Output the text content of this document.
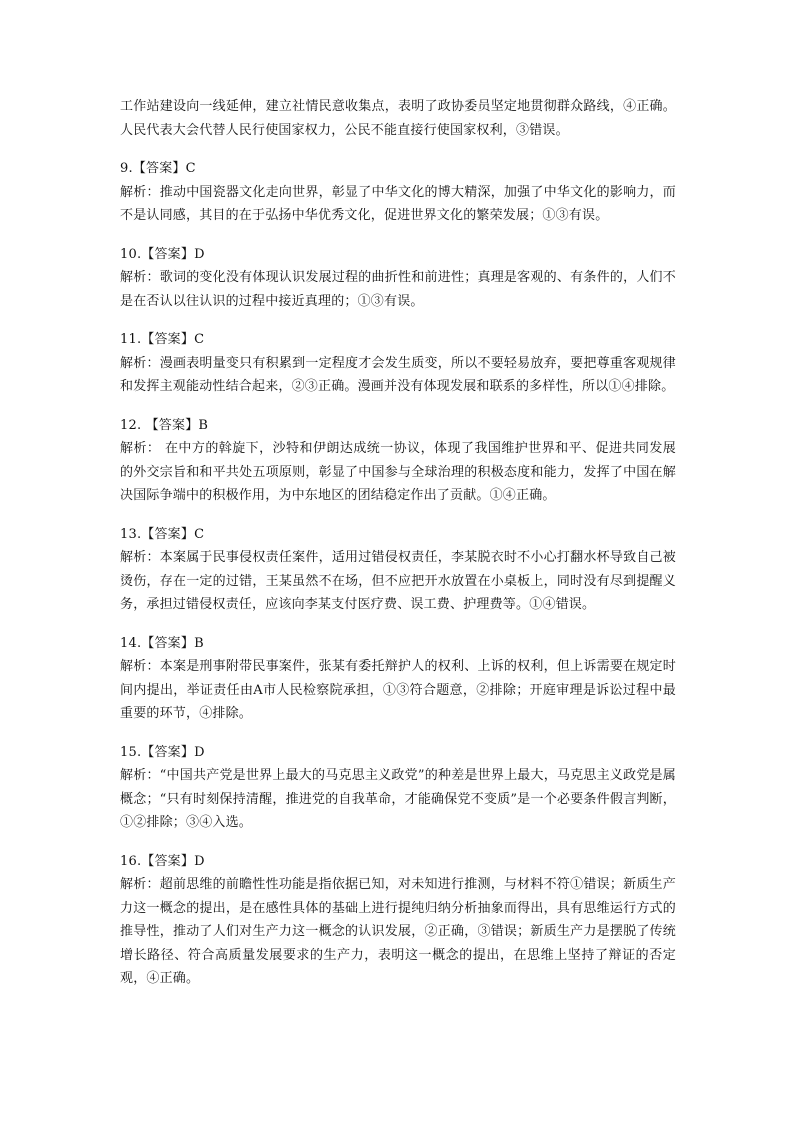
工作站建设向一线延伸，建立社情民意收集点，表明了政协委员坚定地贯彻群众路线，④正确。人民代表大会代替人民行使国家权力，公民不能直接行使国家权利，③错误。

9.【答案】C

解析：推动中国瓷器文化走向世界，彰显了中华文化的博大精深，加强了中华文化的影响力，而不是认同感，其目的在于弘扬中华优秀文化，促进世界文化的繁荣发展；①③有误。

10.【答案】D

解析：歌词的变化没有体现认识发展过程的曲折性和前进性；真理是客观的、有条件的，人们不是在否认以往认识的过程中接近真理的；①③有误。

11.【答案】C

解析：漫画表明量变只有积累到一定程度才会发生质变，所以不要轻易放弃，要把尊重客观规律和发挥主观能动性结合起来，②③正确。漫画并没有体现发展和联系的多样性，所以①④排除。

12. 【答案】B

解析： 在中方的斡旋下，沙特和伊朗达成统一协议，体现了我国维护世界和平、促进共同发展的外交宗旨和和平共处五项原则，彰显了中国参与全球治理的积极态度和能力，发挥了中国在解决国际争端中的积极作用，为中东地区的团结稳定作出了贡献。①④正确。

13.【答案】C

解析：本案属于民事侵权责任案件，适用过错侵权责任，李某脱衣时不小心打翻水杯导致自己被烫伤，存在一定的过错，王某虽然不在场，但不应把开水放置在小桌板上，同时没有尽到提醒义务，承担过错侵权责任，应该向李某支付医疗费、误工费、护理费等。①④错误。

14.【答案】B

解析：本案是刑事附带民事案件，张某有委托辩护人的权利、上诉的权利，但上诉需要在规定时间内提出，举证责任由A市人民检察院承担，①③符合题意，②排除；开庭审理是诉讼过程中最重要的环节，④排除。

15.【答案】D

解析：“中国共产党是世界上最大的马克思主义政党”的种差是世界上最大，马克思主义政党是属概念；“只有时刻保持清醒，推进党的自我革命，才能确保党不变质”是一个必要条件假言判断，①②排除；③④入选。

16.【答案】D

解析：超前思维的前瞻性性功能是指依据已知，对未知进行推测，与材料不符①错误；新质生产力这一概念的提出，是在感性具体的基础上进行提纯归纳分析抽象而得出，具有思维运行方式的推导性，推动了人们对生产力这一概念的认识发展，②正确，③错误；新质生产力是摆脱了传统增长路径、符合高质量发展要求的生产力，表明这一概念的提出，在思维上坚持了辩证的否定观，④正确。
